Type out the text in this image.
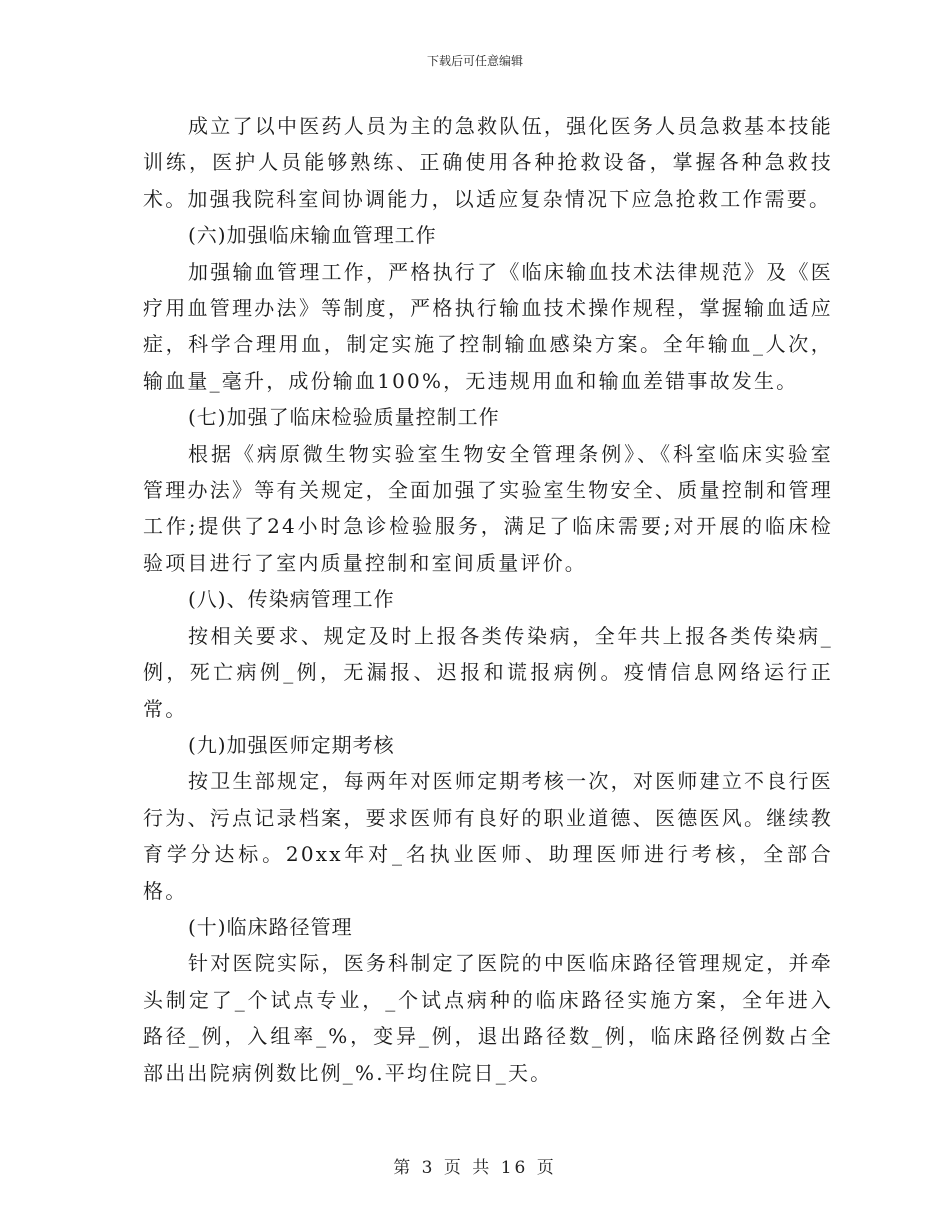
下载后可任意编辑

成立了以中医药人员为主的急救队伍，强化医务人员急救基本技能训练，医护人员能够熟练、正确使用各种抢救设备，掌握各种急救技术。加强我院科室间协调能力，以适应复杂情况下应急抢救工作需要。

(六)加强临床输血管理工作

加强输血管理工作，严格执行了《临床输血技术法律规范》及《医疗用血管理办法》等制度，严格执行输血技术操作规程，掌握输血适应症，科学合理用血，制定实施了控制输血感染方案。全年输血_人次，输血量_毫升，成份输血100%，无违规用血和输血差错事故发生。

(七)加强了临床检验质量控制工作

根据《病原微生物实验室生物安全管理条例》、《科室临床实验室管理办法》等有关规定，全面加强了实验室生物安全、质量控制和管理工作;提供了24小时急诊检验服务，满足了临床需要;对开展的临床检验项目进行了室内质量控制和室间质量评价。

(八)、传染病管理工作

按相关要求、规定及时上报各类传染病，全年共上报各类传染病_例，死亡病例_例，无漏报、迟报和谎报病例。疫情信息网络运行正常。

(九)加强医师定期考核

按卫生部规定，每两年对医师定期考核一次，对医师建立不良行医行为、污点记录档案，要求医师有良好的职业道德、医德医风。继续教育学分达标。20xx年对_名执业医师、助理医师进行考核，全部合格。

(十)临床路径管理

针对医院实际，医务科制定了医院的中医临床路径管理规定，并牵头制定了_个试点专业，_个试点病种的临床路径实施方案，全年进入路径_例，入组率_%，变异_例，退出路径数_例，临床路径例数占全部出出院病例数比例_%.平均住院日_天。

第 3 页 共 16 页
